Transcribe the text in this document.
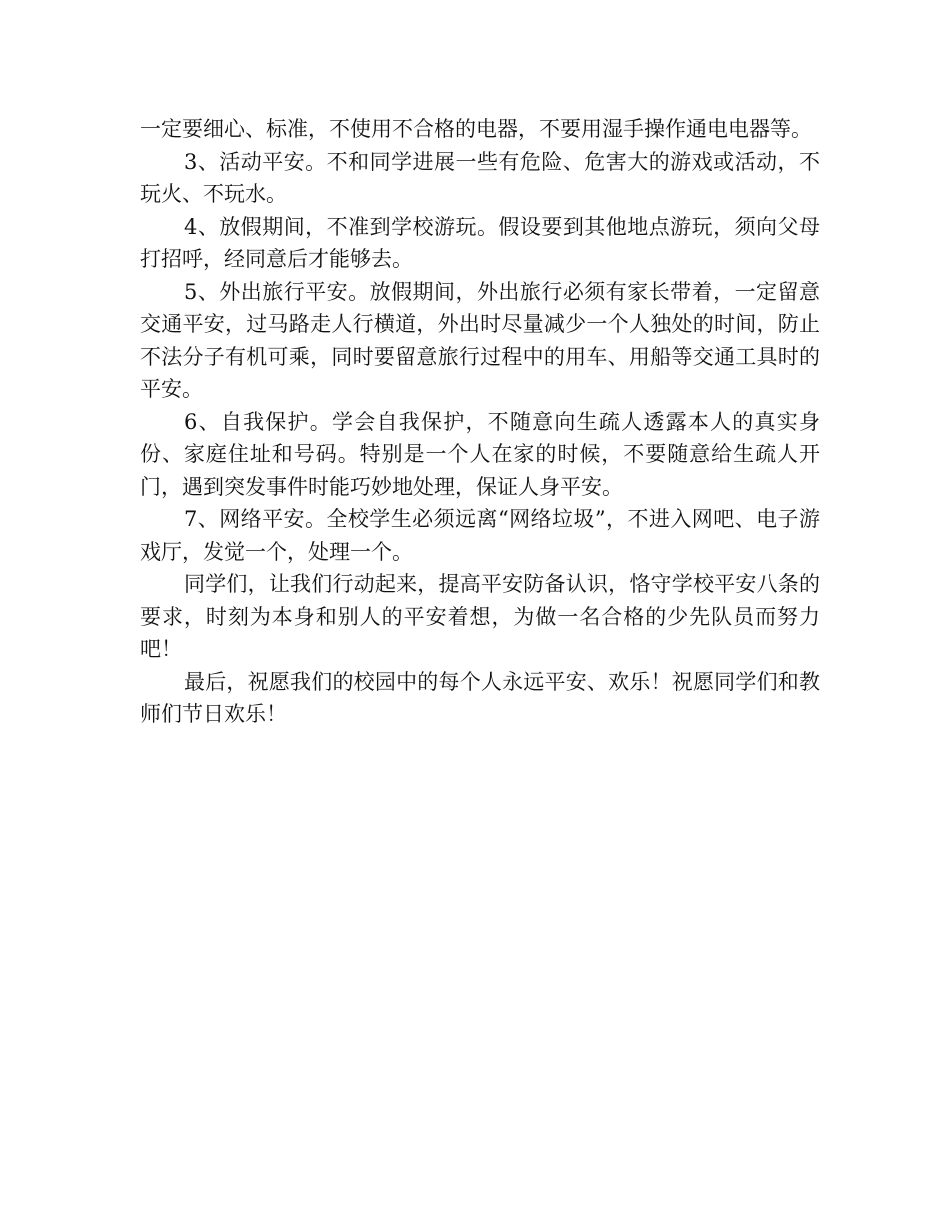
一定要细心、标准，不使用不合格的电器，不要用湿手操作通电电器等。

3、活动平安。不和同学进展一些有危险、危害大的游戏或活动，不玩火、不玩水。

4、放假期间，不准到学校游玩。假设要到其他地点游玩，须向父母打招呼，经同意后才能够去。

5、外出旅行平安。放假期间，外出旅行必须有家长带着，一定留意交通平安，过马路走人行横道，外出时尽量减少一个人独处的时间，防止不法分子有机可乘，同时要留意旅行过程中的用车、用船等交通工具时的平安。

6、自我保护。学会自我保护，不随意向生疏人透露本人的真实身份、家庭住址和号码。特别是一个人在家的时候，不要随意给生疏人开门，遇到突发事件时能巧妙地处理，保证人身平安。

7、网络平安。全校学生必须远离“网络垃圾”，不进入网吧、电子游戏厅，发觉一个，处理一个。

同学们，让我们行动起来，提高平安防备认识，恪守学校平安八条的要求，时刻为本身和别人的平安着想，为做一名合格的少先队员而努力吧！

最后，祝愿我们的校园中的每个人永远平安、欢乐！祝愿同学们和教师们节日欢乐！
